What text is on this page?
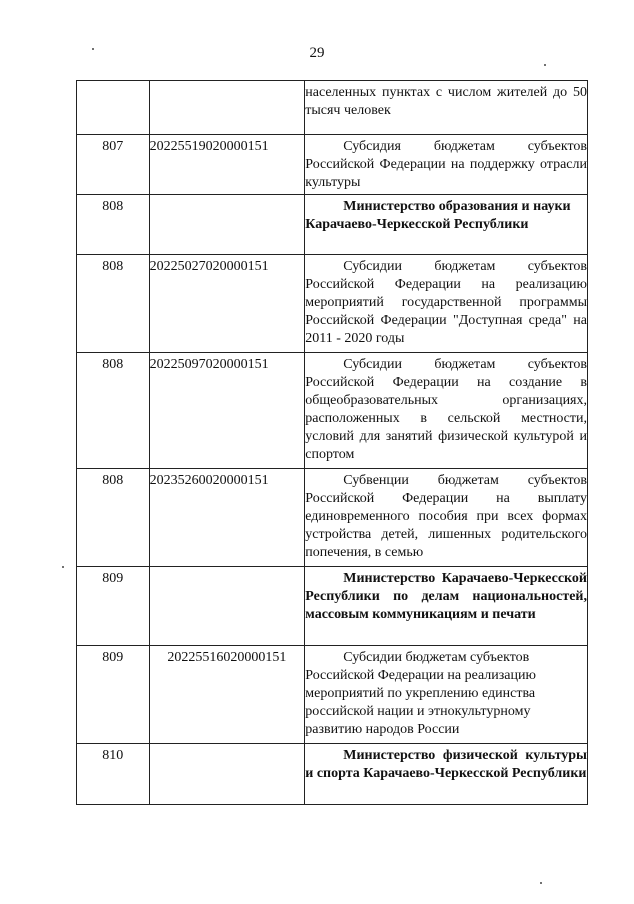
29

		населенных пунктах с числом жителей до 50 тысяч человек

807	20225519020000151	Субсидия бюджетам субъектов Российской Федерации на поддержку отрасли культуры

808		Министерство образования и науки Карачаево-Черкесской Республики

808	20225027020000151	Субсидии бюджетам субъектов Российской Федерации на реализацию мероприятий государственной программы Российской Федерации "Доступная среда" на 2011 - 2020 годы

808	20225097020000151	Субсидии бюджетам субъектов Российской Федерации на создание в общеобразовательных организациях, расположенных в сельской местности, условий для занятий физической культурой и спортом

808	20235260020000151	Субвенции бюджетам субъектов Российской Федерации на выплату единовременного пособия при всех формах устройства детей, лишенных родительского попечения, в семью

809		Министерство Карачаево-Черкесской Республики по делам национальностей, массовым коммуникациям и печати

809	20225516020000151	Субсидии бюджетам субъектов Российской Федерации на реализацию мероприятий по укреплению единства российской нации и этнокультурному развитию народов России

810		Министерство физической культуры и спорта Карачаево-Черкесской Республики
